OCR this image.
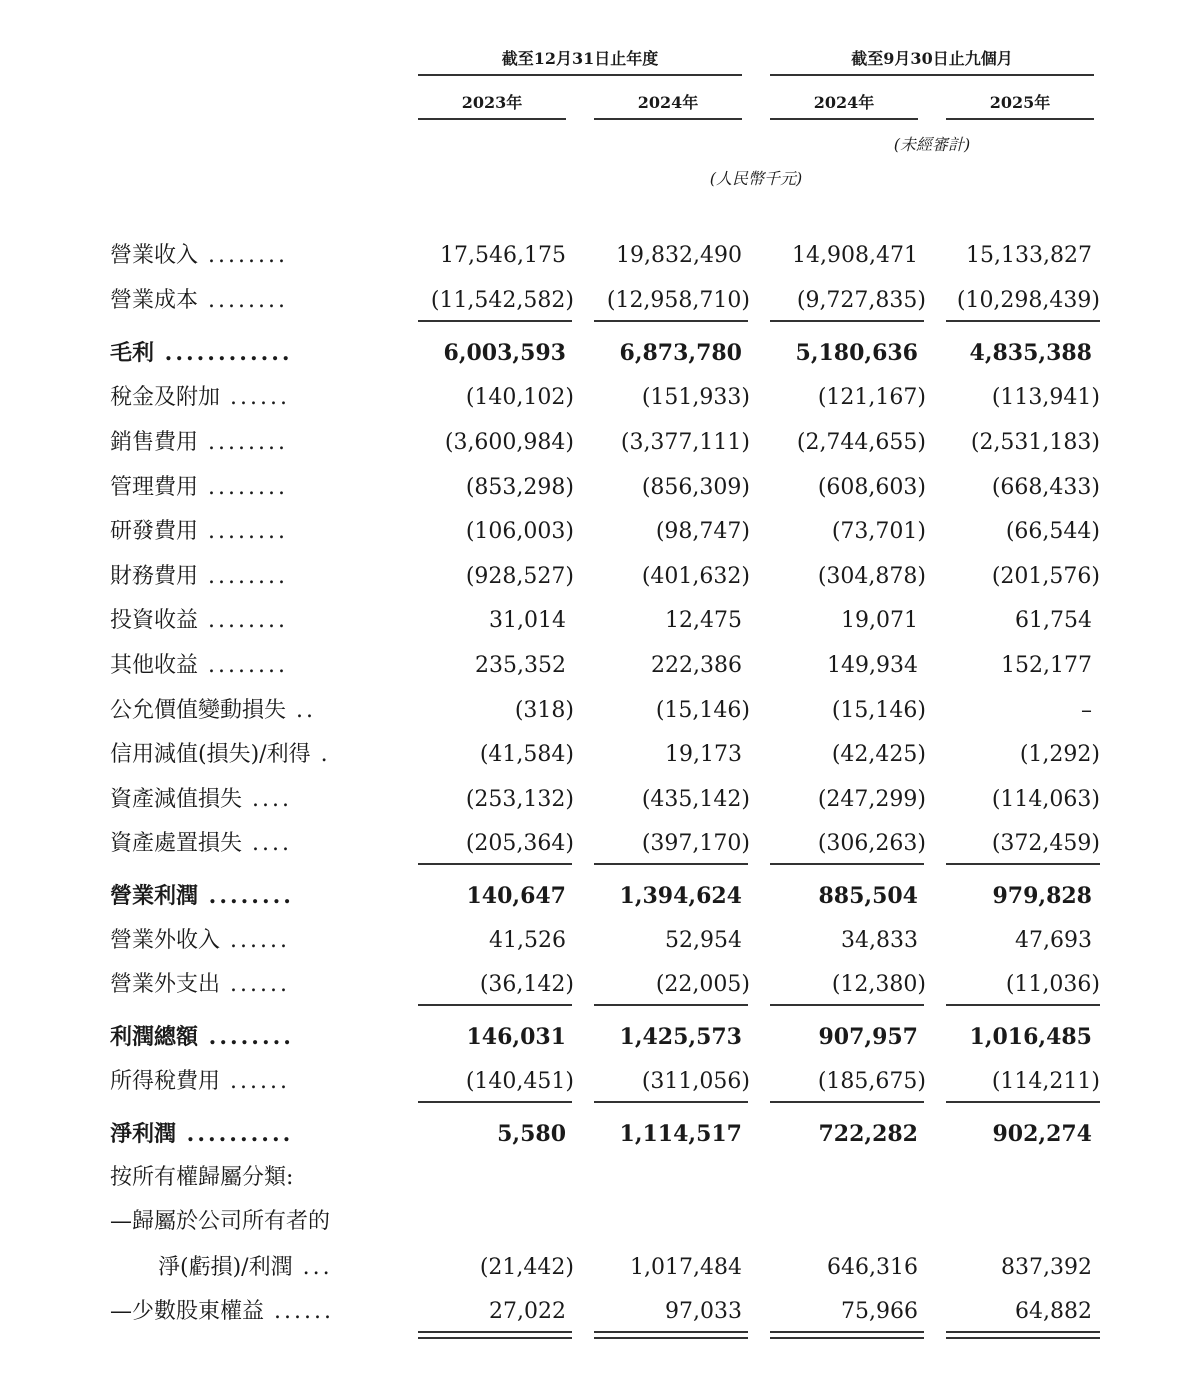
截至12月31日止年度	截至9月30日止九個月
2023年	2024年	2024年	2025年
(未經審計)
(人民幣千元)
營業收入 ........	17,546,175	19,832,490	14,908,471	15,133,827
營業成本 ........	(11,542,582)	(12,958,710)	(9,727,835)	(10,298,439)
毛利 ............	6,003,593	6,873,780	5,180,636	4,835,388
稅金及附加 ......	(140,102)	(151,933)	(121,167)	(113,941)
銷售費用 ........	(3,600,984)	(3,377,111)	(2,744,655)	(2,531,183)
管理費用 ........	(853,298)	(856,309)	(608,603)	(668,433)
研發費用 ........	(106,003)	(98,747)	(73,701)	(66,544)
財務費用 ........	(928,527)	(401,632)	(304,878)	(201,576)
投資收益 ........	31,014	12,475	19,071	61,754
其他收益 ........	235,352	222,386	149,934	152,177
公允價值變動損失 ..	(318)	(15,146)	(15,146)	–
信用減值(損失)/利得 .	(41,584)	19,173	(42,425)	(1,292)
資產減值損失 ....	(253,132)	(435,142)	(247,299)	(114,063)
資產處置損失 ....	(205,364)	(397,170)	(306,263)	(372,459)
營業利潤 ........	140,647	1,394,624	885,504	979,828
營業外收入 ......	41,526	52,954	34,833	47,693
營業外支出 ......	(36,142)	(22,005)	(12,380)	(11,036)
利潤總額 ........	146,031	1,425,573	907,957	1,016,485
所得稅費用 ......	(140,451)	(311,056)	(185,675)	(114,211)
淨利潤 ..........	5,580	1,114,517	722,282	902,274
按所有權歸屬分類:
—歸屬於公司所有者的
淨(虧損)/利潤 ...	(21,442)	1,017,484	646,316	837,392
—少數股東權益 ......	27,022	97,033	75,966	64,882
